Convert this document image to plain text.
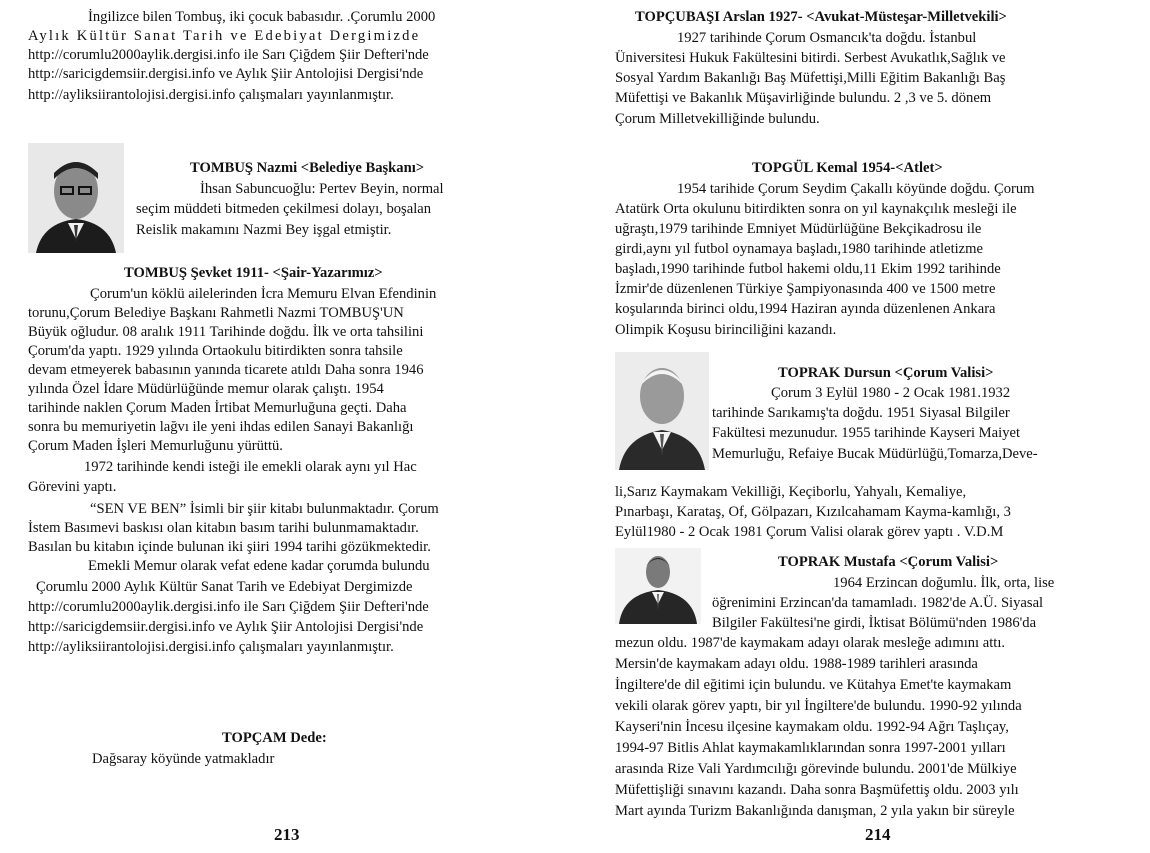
İngilizce bilen Tombuş, iki çocuk babasıdır. .Çorumlu 2000
Aylık Kültür Sanat Tarih ve Edebiyat Dergimizde
http://corumlu2000aylik.dergisi.info ile Sarı Çiğdem Şiir Defteri'nde
http://saricigdemsiir.dergisi.info ve Aylık Şiir Antolojisi Dergisi'nde
http://ayliksiirantolojisi.dergisi.info çalışmaları yayınlanmıştır.
TOMBUŞ Nazmi <Belediye Başkanı>
İhsan Sabuncuoğlu: Pertev Beyin, normal
seçim müddeti bitmeden çekilmesi dolayı, boşalan
Reislik makamını Nazmi Bey işgal etmiştir.
TOMBUŞ Şevket 1911- <Şair-Yazarımız>
Çorum'un köklü ailelerinden İcra Memuru Elvan Efendinin
torunu,Çorum Belediye Başkanı Rahmetli Nazmi TOMBUŞ'UN
Büyük oğludur. 08 aralık 1911 Tarihinde doğdu. İlk ve orta tahsilini
Çorum'da yaptı. 1929 yılında Ortaokulu bitirdikten sonra tahsile
devam etmeyerek babasının yanında ticarete atıldı Daha sonra 1946
yılında Özel İdare Müdürlüğünde memur olarak çalıştı. 1954
tarihinde naklen Çorum Maden İrtibat Memurluğuna geçti. Daha
sonra bu memuriyetin lağvı ile yeni ihdas edilen Sanayi Bakanlığı
Çorum Maden İşleri Memurluğunu yürüttü.
1972 tarihinde kendi isteği ile emekli olarak aynı yıl Hac
Görevini yaptı.
“SEN VE BEN” İsimli bir şiir kitabı bulunmaktadır. Çorum
İstem Basımevi baskısı olan kitabın basım tarihi bulunmamaktadır.
Basılan bu kitabın içinde bulunan iki şiiri 1994 tarihi gözükmektedir.
Emekli Memur olarak vefat edene kadar çorumda bulundu
Çorumlu 2000 Aylık Kültür Sanat Tarih ve Edebiyat Dergimizde
http://corumlu2000aylik.dergisi.info ile Sarı Çiğdem Şiir Defteri'nde
http://saricigdemsiir.dergisi.info ve Aylık Şiir Antolojisi Dergisi'nde
http://ayliksiirantolojisi.dergisi.info çalışmaları yayınlanmıştır.
TOPÇAM Dede:
Dağsaray köyünde yatmakladır
213
TOPÇUBAŞI Arslan 1927- <Avukat-Müsteşar-Milletvekili>
1927 tarihinde Çorum Osmancık'ta doğdu. İstanbul
Üniversitesi Hukuk Fakültesini bitirdi. Serbest Avukatlık,Sağlık ve
Sosyal Yardım Bakanlığı Baş Müfettişi,Milli Eğitim Bakanlığı Baş
Müfettişi ve Bakanlık Müşavirliğinde bulundu. 2 ,3 ve 5. dönem
Çorum Milletvekilliğinde bulundu.
TOPGÜL Kemal 1954-<Atlet>
1954 tarihide Çorum Seydim Çakallı köyünde doğdu. Çorum
Atatürk Orta okulunu bitirdikten sonra on yıl kaynakçılık mesleği ile
uğraştı,1979 tarihinde Emniyet Müdürlüğüne Bekçikadrosu ile
girdi,aynı yıl futbol oynamaya başladı,1980 tarihinde atletizme
başladı,1990 tarihinde futbol hakemi oldu,11 Ekim 1992 tarihinde
İzmir'de düzenlenen Türkiye Şampiyonasında 400 ve 1500 metre
koşularında birinci oldu,1994 Haziran ayında düzenlenen Ankara
Olimpik Koşusu birinciliğini kazandı.
TOPRAK Dursun <Çorum Valisi>
Çorum 3 Eylül 1980 - 2 Ocak 1981.1932
tarihinde Sarıkamış'ta doğdu. 1951 Siyasal Bilgiler
Fakültesi mezunudur. 1955 tarihinde Kayseri Maiyet
Memurluğu, Refaiye Bucak Müdürlüğü,Tomarza,Deve-
li,Sarız Kaymakam Vekilliği, Keçiborlu, Yahyalı, Kemaliye,
Pınarbaşı, Karataş, Of, Gölpazarı, Kızılcahamam Kayma-kamlığı, 3
Eylül1980 - 2 Ocak 1981 Çorum Valisi olarak görev yaptı . V.D.M
TOPRAK Mustafa <Çorum Valisi>
1964 Erzincan doğumlu. İlk, orta, lise
öğrenimini Erzincan'da tamamladı. 1982'de A.Ü. Siyasal
Bilgiler Fakültesi'ne girdi, İktisat Bölümü'nden 1986'da
mezun oldu. 1987'de kaymakam adayı olarak mesleğe adımını attı.
Mersin'de kaymakam adayı oldu. 1988-1989 tarihleri arasında
İngiltere'de dil eğitimi için bulundu. ve Kütahya Emet'te kaymakam
vekili olarak görev yaptı, bir yıl İngiltere'de bulundu. 1990-92 yılında
Kayseri'nin İncesu ilçesine kaymakam oldu. 1992-94 Ağrı Taşlıçay,
1994-97 Bitlis Ahlat kaymakamlıklarından sonra 1997-2001 yılları
arasında Rize Vali Yardımcılığı görevinde bulundu. 2001'de Mülkiye
Müfettişliği sınavını kazandı. Daha sonra Başmüfettiş oldu. 2003 yılı
Mart ayında Turizm Bakanlığında danışman, 2 yıla yakın bir süreyle
214
